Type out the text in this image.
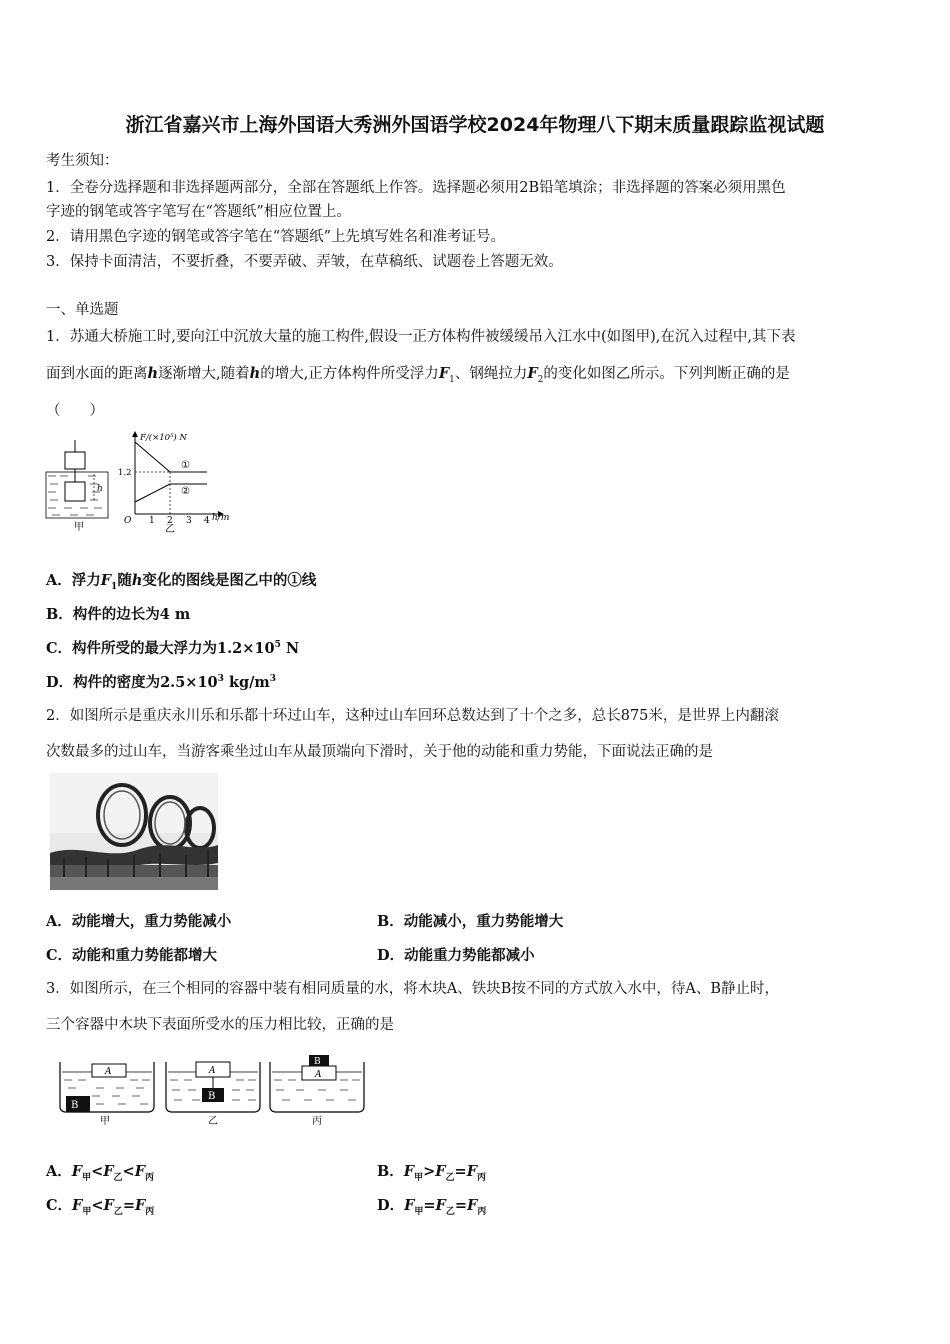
浙江省嘉兴市上海外国语大秀洲外国语学校2024年物理八下期末质量跟踪监视试题
考生须知：
1．全卷分选择题和非选择题两部分，全部在答题纸上作答。选择题必须用2B铅笔填涂；非选择题的答案必须用黑色
字迹的钢笔或答字笔写在“答题纸”相应位置上。
2．请用黑色字迹的钢笔或答字笔在“答题纸”上先填写姓名和准考证号。
3．保持卡面清洁，不要折叠，不要弄破、弄皱，在草稿纸、试题卷上答题无效。
一、单选题
1．苏通大桥施工时,要向江中沉放大量的施工构件,假设一正方体构件被缓缓吊入江水中(如图甲),在沉入过程中,其下表
面到水面的距离h逐渐增大,随着h的增大,正方体构件所受浮力$F_1$、钢绳拉力$F_2$的变化如图乙所示。下列判断正确的是
（　　）
h
甲
F/(×10⁵) N
1.2
①
②
O 1 2 3 4 h/m
乙
A．浮力$F_1$随h变化的图线是图乙中的①线
B．构件的边长为4 m
C．构件所受的最大浮力为$1.2\times 10^5$ N
D．构件的密度为$2.5\times 10^3$ $kg/m^3$
2．如图所示是重庆永川乐和乐都十环过山车，这种过山车回环总数达到了十个之多，总长875米，是世界上内翻滚
次数最多的过山车，当游客乘坐过山车从最顶端向下滑时，关于他的动能和重力势能，下面说法正确的是
A．动能增大，重力势能减小	B．动能减小，重力势能增大
C．动能和重力势能都增大	D．动能重力势能都减小
3．如图所示，在三个相同的容器中装有相同质量的水，将木块A、铁块B按不同的方式放入水中，待A、B静止时，
三个容器中木块下表面所受水的压力相比较，正确的是
A
B
甲
A
B
乙
A
B
丙
A．$F_甲<F_乙<F_丙$	B．$F_甲>F_乙=F_丙$
C．$F_甲<F_乙=F_丙$	D．$F_甲=F_乙=F_丙$
